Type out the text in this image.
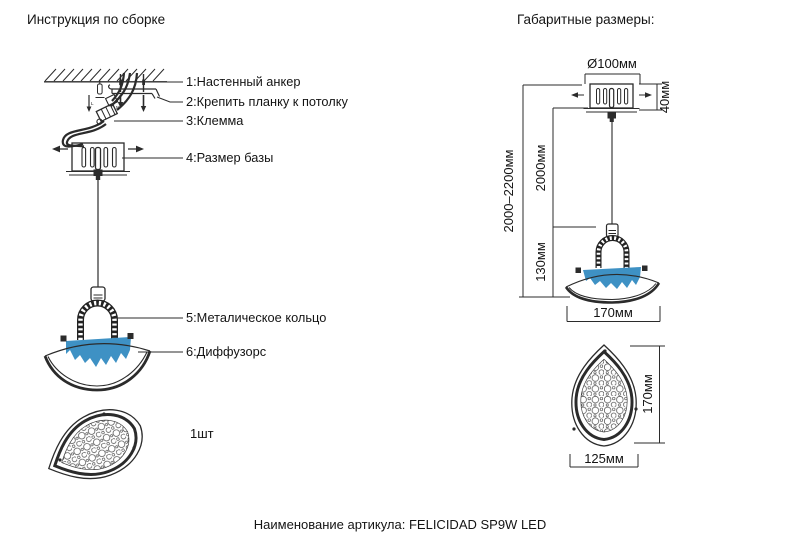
Инструкция по сборке
L
N
1:Настенный анкер
2:Крепить планку к потолку
3:Клемма
4:Размер базы
5:Металическое кольцо
6:Диффузорс
1шт
Габаритные размеры:
Ø100мм
40мм
2000–2200мм 2000мм
130мм
170мм
170мм
125мм
Наименование артикула: FELICIDAD SP9W LED
